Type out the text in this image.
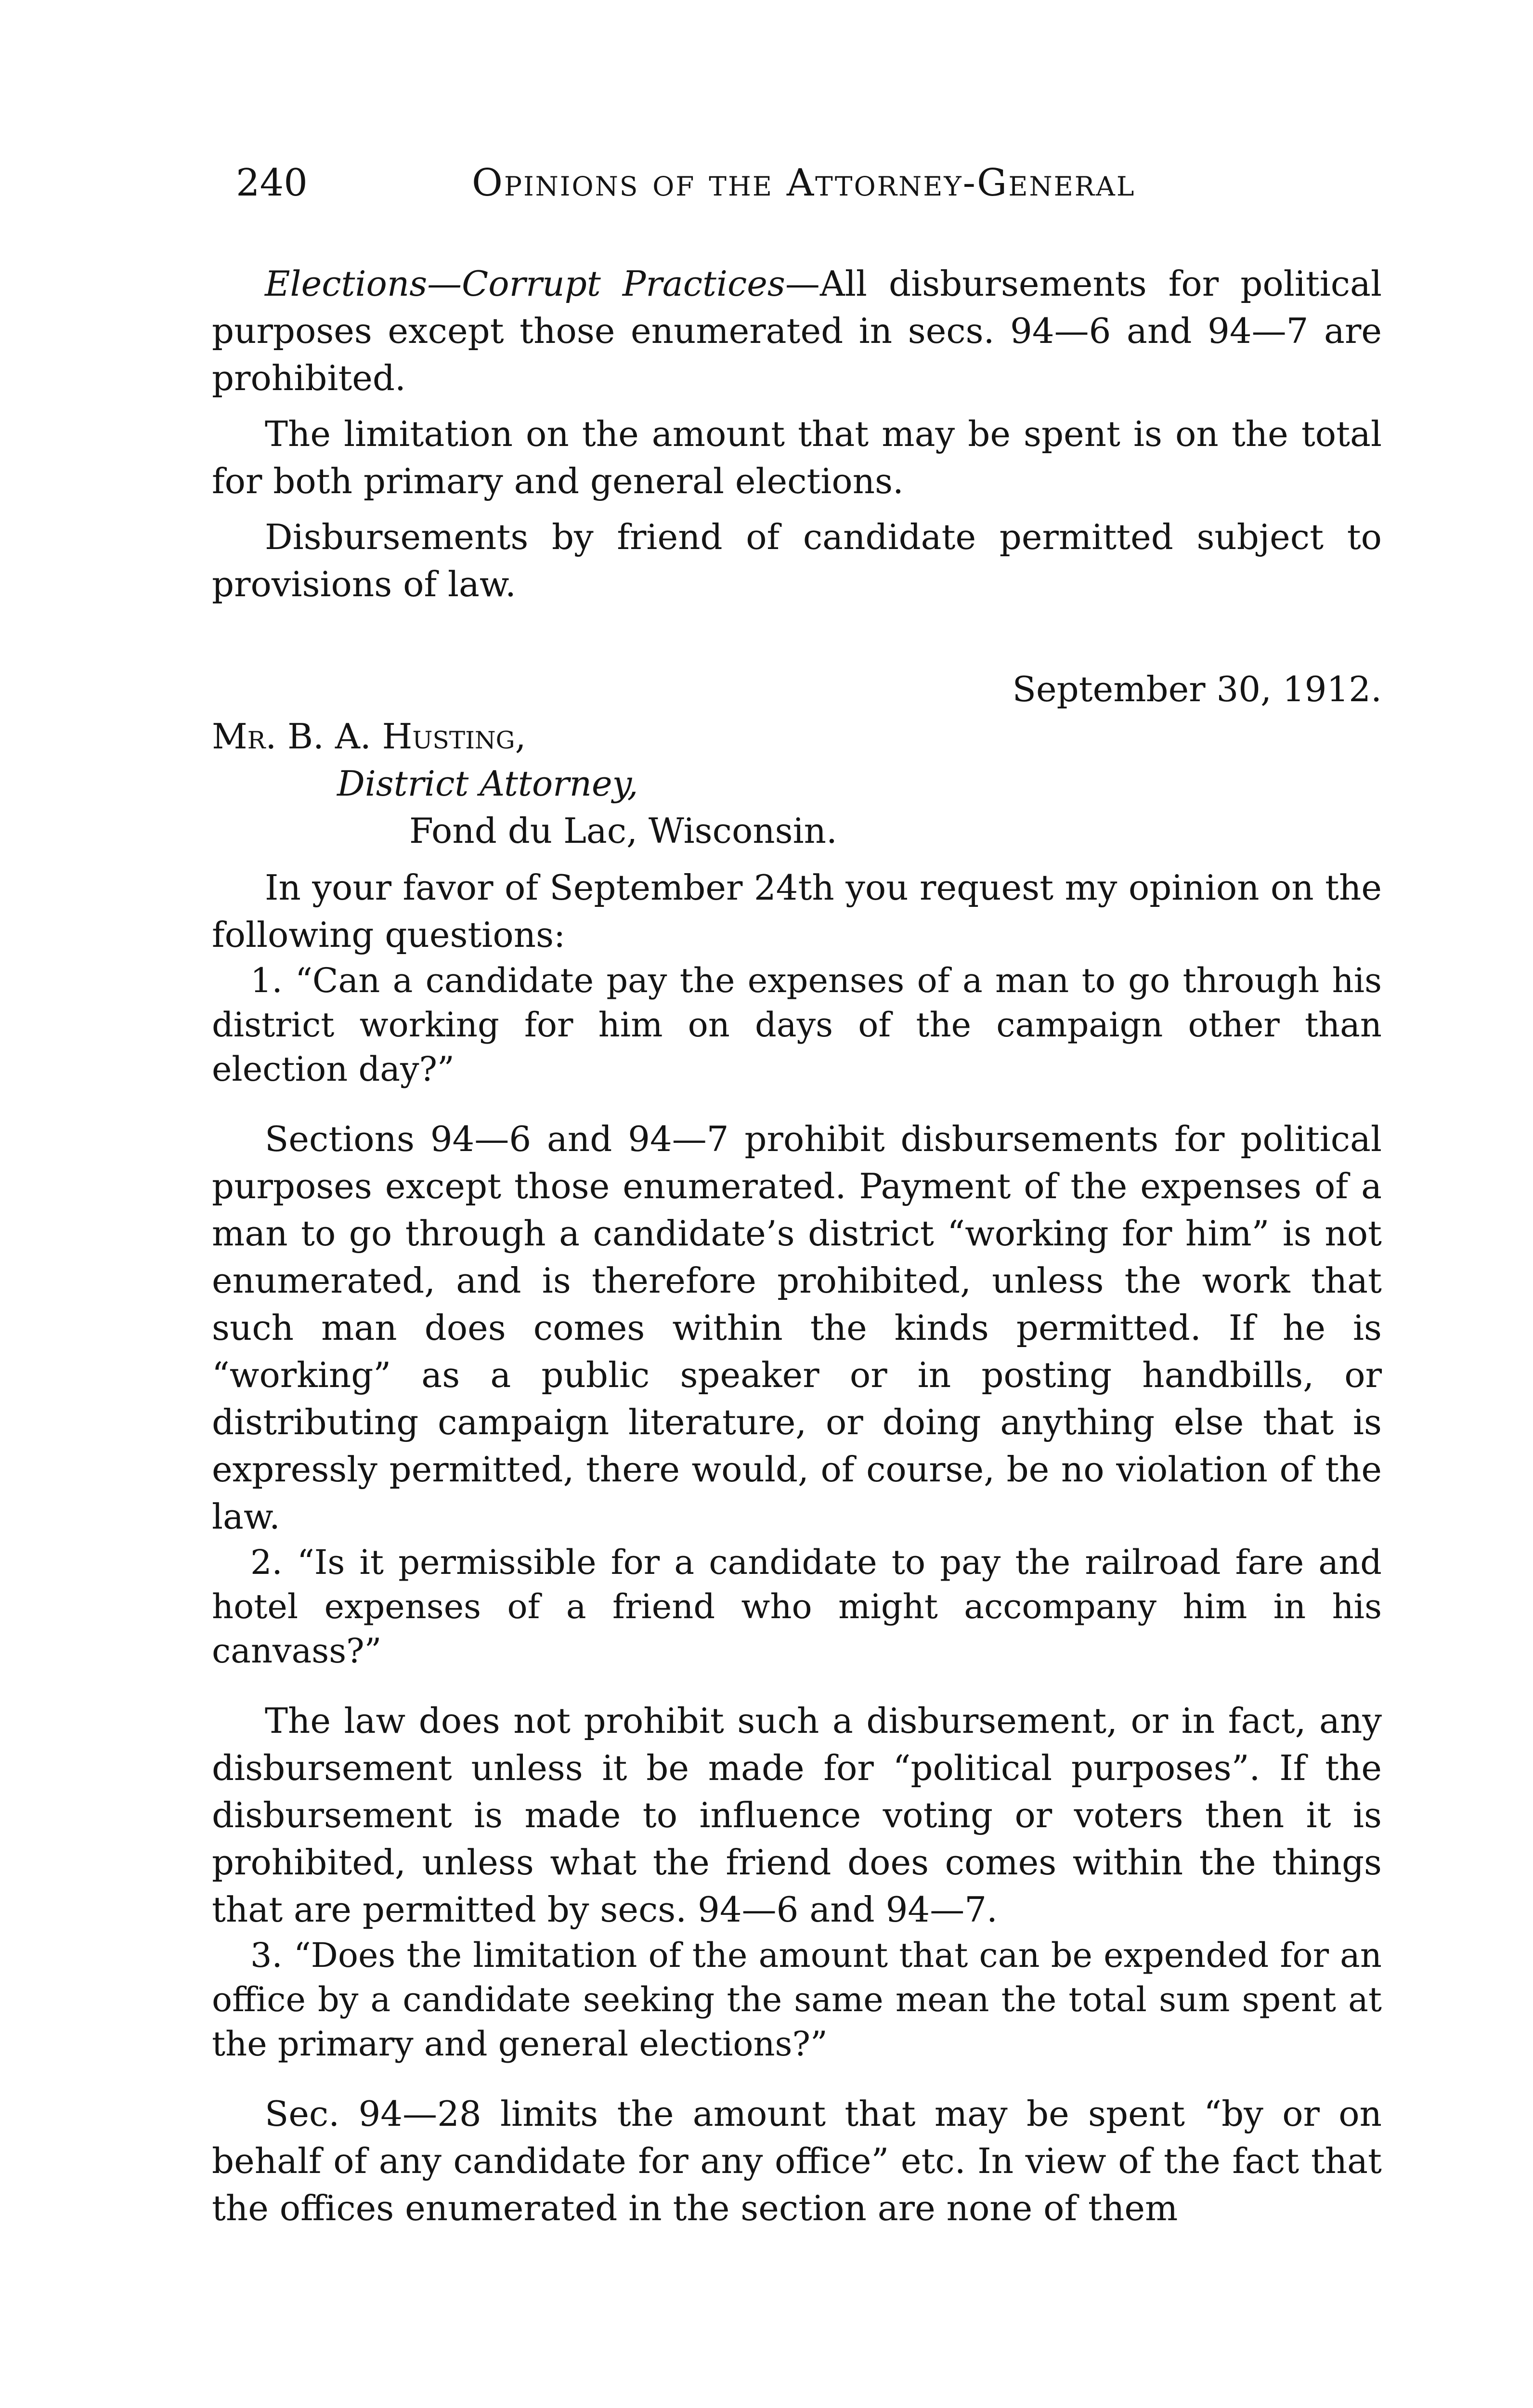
240	Opinions of the Attorney-General

Elections—Corrupt Practices—All disbursements for political purposes except those enumerated in secs. 94—6 and 94—7 are prohibited.

The limitation on the amount that may be spent is on the total for both primary and general elections.

Disbursements by friend of candidate permitted subject to provisions of law.

September 30, 1912.

Mr. B. A. Husting,

District Attorney,

Fond du Lac, Wisconsin.

In your favor of September 24th you request my opinion on the following questions:

1. “Can a candidate pay the expenses of a man to go through his district working for him on days of the campaign other than election day?”

Sections 94—6 and 94—7 prohibit disbursements for political purposes except those enumerated. Payment of the expenses of a man to go through a candidate’s district “working for him” is not enumerated, and is therefore prohibited, unless the work that such man does comes within the kinds permitted. If he is “working” as a public speaker or in posting handbills, or distributing campaign literature, or doing anything else that is expressly permitted, there would, of course, be no violation of the law.

2. “Is it permissible for a candidate to pay the railroad fare and hotel expenses of a friend who might accompany him in his canvass?”

The law does not prohibit such a disbursement, or in fact, any disbursement unless it be made for “political purposes”. If the disbursement is made to influence voting or voters then it is prohibited, unless what the friend does comes within the things that are permitted by secs. 94—6 and 94—7.

3. “Does the limitation of the amount that can be expended for an office by a candidate seeking the same mean the total sum spent at the primary and general elections?”

Sec. 94—28 limits the amount that may be spent “by or on behalf of any candidate for any office” etc. In view of the fact that the offices enumerated in the section are none of them
